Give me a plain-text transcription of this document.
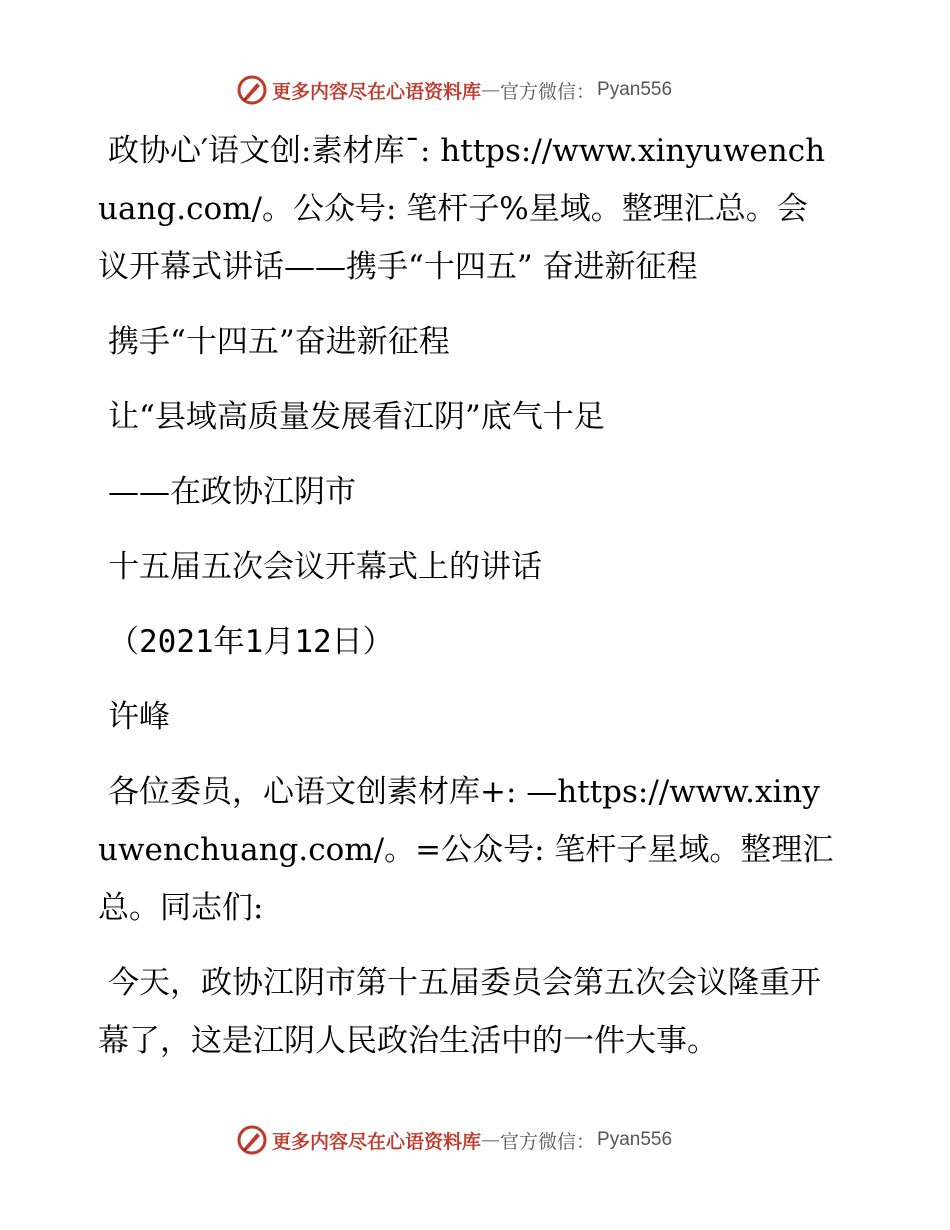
更多内容尽在心语资料库 — 官方微信： Pyan556

政协心′语文创:素材库¯: https://www.xinyuwenchuang.com/。公众号: 笔杆子%星域。整理汇总。会议开幕式讲话——携手“十四五” 奋进新征程

携手“十四五”奋进新征程

让“县域高质量发展看江阴”底气十足

——在政协江阴市

十五届五次会议开幕式上的讲话

（2021年1月12日）

许峰

各位委员，心语文创素材库+: —https://www.xinyuwenchuang.com/。=公众号: 笔杆子星域。整理汇总。同志们:

今天，政协江阴市第十五届委员会第五次会议隆重开幕了，这是江阴人民政治生活中的一件大事。

更多内容尽在心语资料库 — 官方微信： Pyan556
